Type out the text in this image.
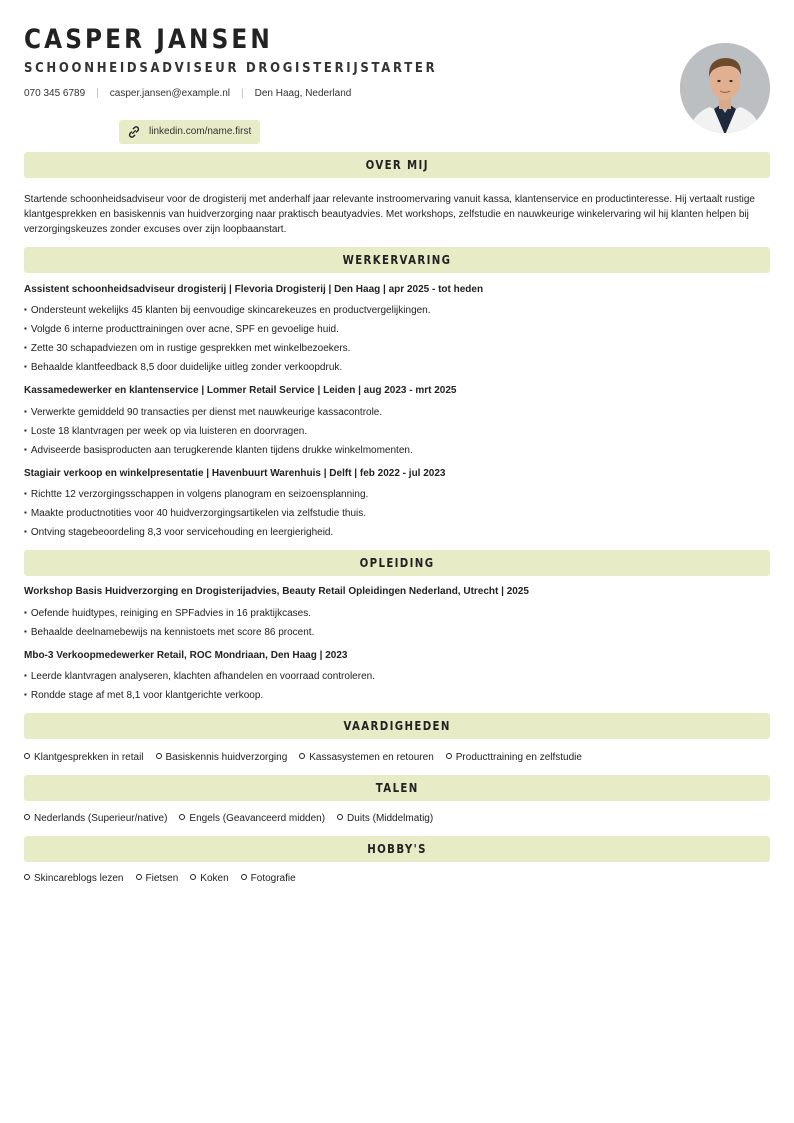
CASPER JANSEN
SCHOONHEIDSADVISEUR DROGISTERIJSTARTER
070 345 6789 | casper.jansen@example.nl | Den Haag, Nederland
linkedin.com/name.first
OVER MIJ
Startende schoonheidsadviseur voor de drogisterij met anderhalf jaar relevante instroomervaring vanuit kassa, klantenservice en productinteresse. Hij vertaalt rustige klantgesprekken en basiskennis van huidverzorging naar praktisch beautyadvies. Met workshops, zelfstudie en nauwkeurige winkelervaring wil hij klanten helpen bij verzorgingskeuzes zonder excuses over zijn loopbaanstart.
WERKERVARING
Assistent schoonheidsadviseur drogisterij | Flevoria Drogisterij | Den Haag | apr 2025 - tot heden
▪ Ondersteunt wekelijks 45 klanten bij eenvoudige skincarekeuzes en productvergelijkingen.
▪ Volgde 6 interne producttrainingen over acne, SPF en gevoelige huid.
▪ Zette 30 schapadviezen om in rustige gesprekken met winkelbezoekers.
▪ Behaalde klantfeedback 8,5 door duidelijke uitleg zonder verkoopdruk.
Kassamedewerker en klantenservice | Lommer Retail Service | Leiden | aug 2023 - mrt 2025
▪ Verwerkte gemiddeld 90 transacties per dienst met nauwkeurige kassacontrole.
▪ Loste 18 klantvragen per week op via luisteren en doorvragen.
▪ Adviseerde basisproducten aan terugkerende klanten tijdens drukke winkelmomenten.
Stagiair verkoop en winkelpresentatie | Havenbuurt Warenhuis | Delft | feb 2022 - jul 2023
▪ Richtte 12 verzorgingsschappen in volgens planogram en seizoensplanning.
▪ Maakte productnotities voor 40 huidverzorgingsartikelen via zelfstudie thuis.
▪ Ontving stagebeoordeling 8,3 voor servicehouding en leergierigheid.
OPLEIDING
Workshop Basis Huidverzorging en Drogisterijadvies, Beauty Retail Opleidingen Nederland, Utrecht | 2025
▪ Oefende huidtypes, reiniging en SPFadvies in 16 praktijkcases.
▪ Behaalde deelnamebewijs na kennistoets met score 86 procent.
Mbo-3 Verkoopmedewerker Retail, ROC Mondriaan, Den Haag | 2023
▪ Leerde klantvragen analyseren, klachten afhandelen en voorraad controleren.
▪ Rondde stage af met 8,1 voor klantgerichte verkoop.
VAARDIGHEDEN
Klantgesprekken in retail Basiskennis huidverzorging Kassasystemen en retouren Producttraining en zelfstudie
TALEN
Nederlands (Superieur/native) Engels (Geavanceerd midden) Duits (Middelmatig)
HOBBY'S
Skincareblogs lezen Fietsen Koken Fotografie
